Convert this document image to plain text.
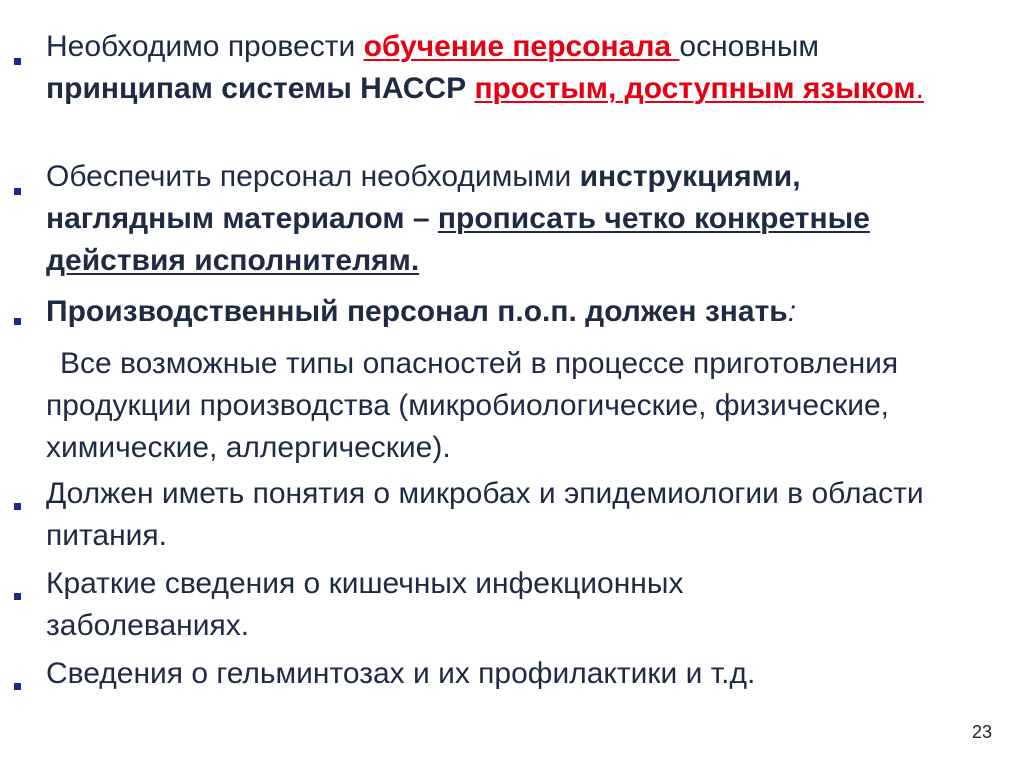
Необходимо провести обучение персонала основным принципам системы НАССР простым, доступным языком.
Обеспечить персонал необходимыми инструкциями, наглядным материалом – прописать четко конкретные действия исполнителям.
Производственный персонал п.о.п. должен знать:
Все возможные типы опасностей в процессе приготовления продукции производства (микробиологические, физические, химические, аллергические).
Должен иметь понятия о микробах и эпидемиологии в области питания.
Краткие сведения о кишечных инфекционных заболеваниях.
Сведения о гельминтозах и их профилактики и т.д.
23
